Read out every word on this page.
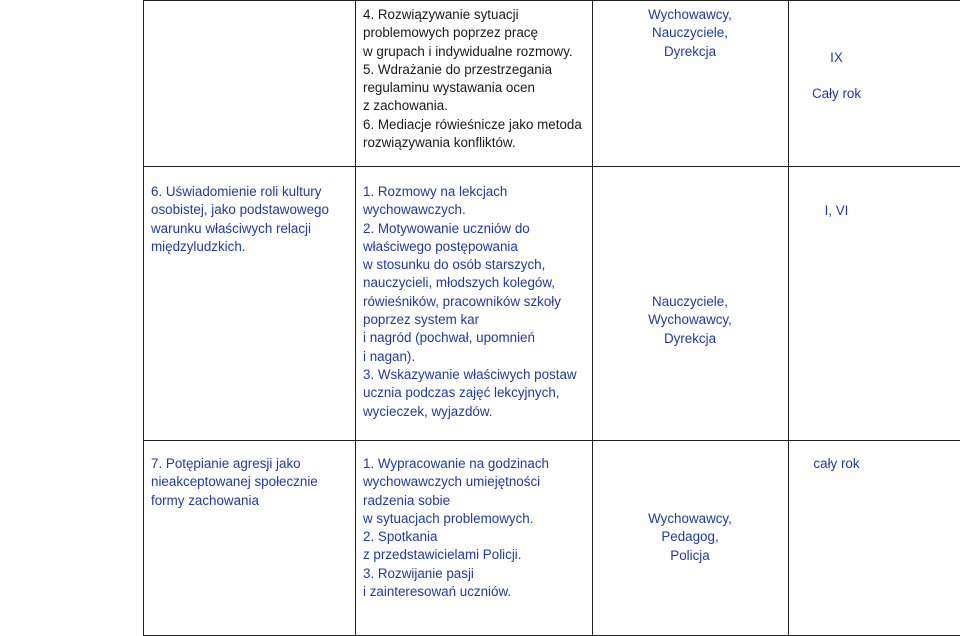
4. Rozwiązywanie sytuacji
problemowych poprzez pracę
w grupach i indywidualne rozmowy.
5. Wdrażanie do przestrzegania
regulaminu wystawania ocen
z zachowania.
6. Mediacje rówieśnicze jako metoda
rozwiązywania konfliktów.
Wychowawcy,
Nauczyciele,
Dyrekcja	IX
Cały rok
6. Uświadomienie roli kultury
osobistej, jako podstawowego
warunku właściwych relacji
międzyludzkich.
1. Rozmowy na lekcjach
wychowawczych.
2. Motywowanie uczniów do
właściwego postępowania
w stosunku do osób starszych,
nauczycieli, młodszych kolegów,
rówieśników, pracowników szkoły
poprzez system kar
i nagród (pochwał, upomnień
i nagan).
3. Wskazywanie właściwych postaw
ucznia podczas zajęć lekcyjnych,
wycieczek, wyjazdów.
Nauczyciele,
Wychowawcy,
Dyrekcja
I, VI
7. Potępianie agresji jako
nieakceptowanej społecznie
formy zachowania
1. Wypracowanie na godzinach
wychowawczych umiejętności
radzenia sobie
w sytuacjach problemowych.
2. Spotkania
z przedstawicielami Policji.
3. Rozwijanie pasji
i zainteresowań uczniów.
Wychowawcy,
Pedagog,
Policja
cały rok
